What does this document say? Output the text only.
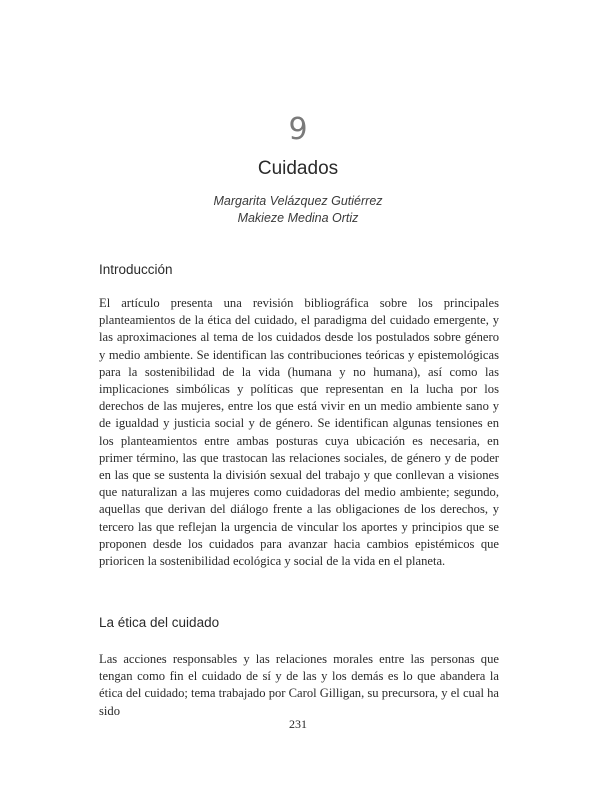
9
Cuidados
Margarita Velázquez Gutiérrez
Makieze Medina Ortiz
Introducción

El artículo presenta una revisión bibliográfica sobre los principales planteamientos de la ética del cuidado, el paradigma del cuidado emergente, y las aproximaciones al tema de los cuidados desde los postulados sobre género y medio ambiente. Se identifican las contribuciones teóricas y epistemológicas para la sostenibilidad de la vida (humana y no humana), así como las implicaciones simbólicas y políticas que representan en la lucha por los derechos de las mujeres, entre los que está vivir en un medio ambiente sano y de igualdad y justicia social y de género. Se identifican algunas tensiones en los planteamientos entre ambas posturas cuya ubicación es necesaria, en primer término, las que trastocan las relaciones sociales, de género y de poder en las que se sustenta la división sexual del trabajo y que conllevan a visiones que naturalizan a las mujeres como cuidadoras del medio ambiente; segundo, aquellas que derivan del diálogo frente a las obligaciones de los derechos, y tercero las que reflejan la urgencia de vincular los aportes y principios que se proponen desde los cuidados para avanzar hacia cambios epistémicos que prioricen la sostenibilidad ecológica y social de la vida en el planeta.

La ética del cuidado

Las acciones responsables y las relaciones morales entre las personas que tengan como fin el cuidado de sí y de las y los demás es lo que abandera la ética del cuidado; tema trabajado por Carol Gilligan, su precursora, y el cual ha sido

231
